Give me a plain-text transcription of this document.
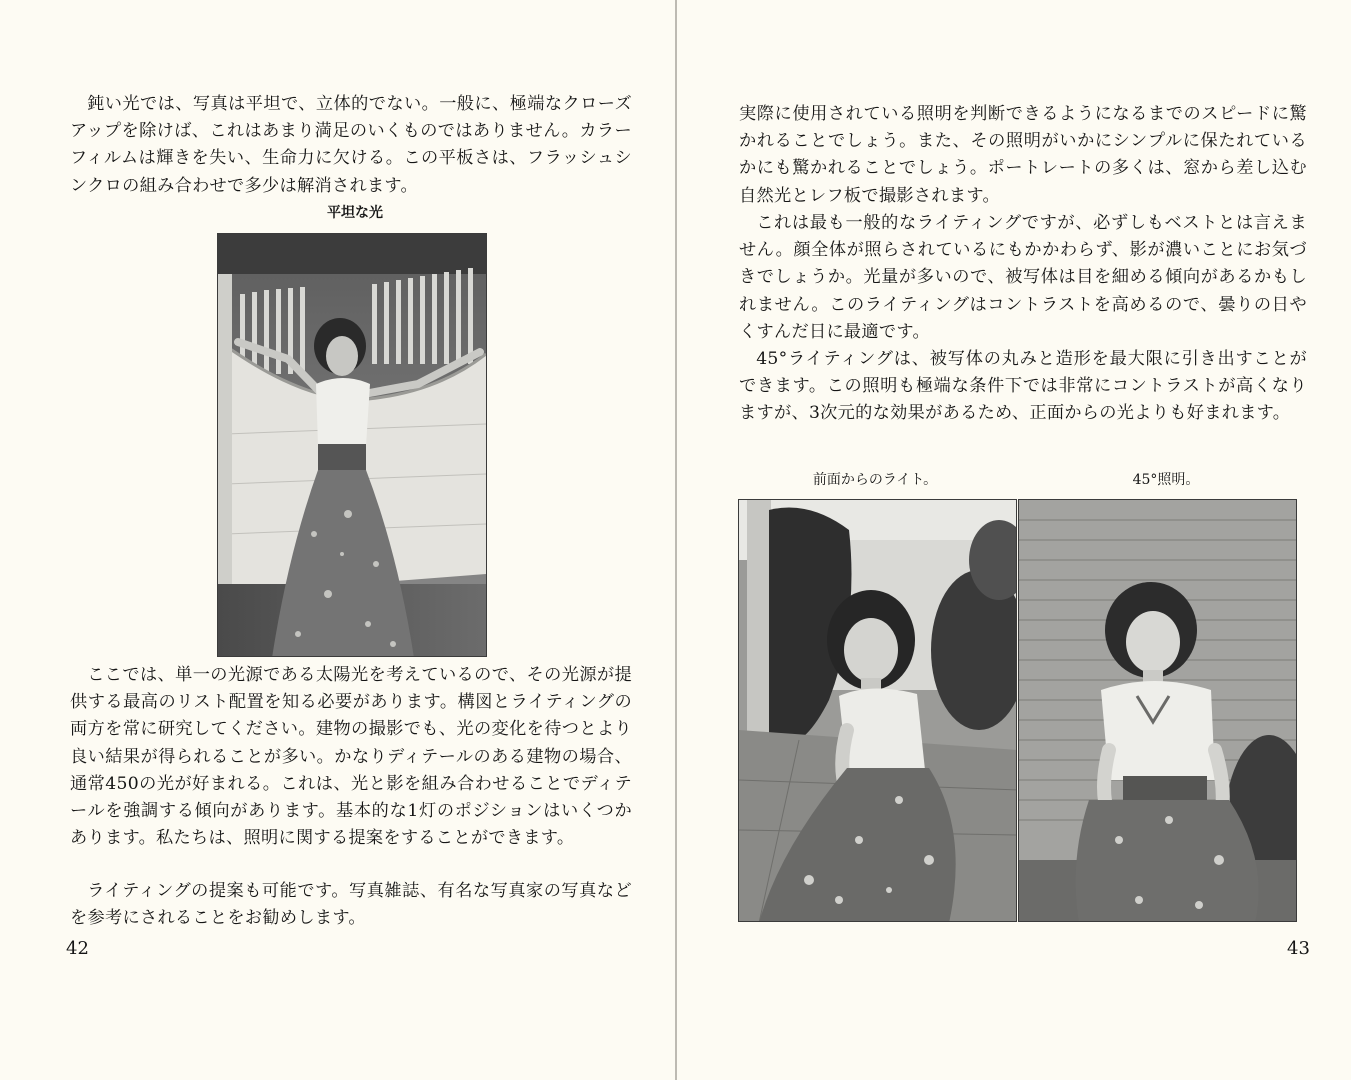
鈍い光では、写真は平坦で、立体的でない。一般に、極端なクローズアップを除けば、これはあまり満足のいくものではありません。カラーフィルムは輝きを失い、生命力に欠ける。この平板さは、フラッシュシンクロの組み合わせで多少は解消されます。

平坦な光

ここでは、単一の光源である太陽光を考えているので、その光源が提供する最高のリスト配置を知る必要があります。構図とライティングの両方を常に研究してください。建物の撮影でも、光の変化を待つとより良い結果が得られることが多い。かなりディテールのある建物の場合、通常450の光が好まれる。これは、光と影を組み合わせることでディテールを強調する傾向があります。基本的な1灯のポジションはいくつかあります。私たちは、照明に関する提案をすることができます。

ライティングの提案も可能です。写真雑誌、有名な写真家の写真などを参考にされることをお勧めします。

42

実際に使用されている照明を判断できるようになるまでのスピードに驚かれることでしょう。また、その照明がいかにシンプルに保たれているかにも驚かれることでしょう。ポートレートの多くは、窓から差し込む自然光とレフ板で撮影されます。

これは最も一般的なライティングですが、必ずしもベストとは言えません。顔全体が照らされているにもかかわらず、影が濃いことにお気づきでしょうか。光量が多いので、被写体は目を細める傾向があるかもしれません。このライティングはコントラストを高めるので、曇りの日やくすんだ日に最適です。

45°ライティングは、被写体の丸みと造形を最大限に引き出すことができます。この照明も極端な条件下では非常にコントラストが高くなりますが、3次元的な効果があるため、正面からの光よりも好まれます。

前面からのライト。	45°照明。
43
